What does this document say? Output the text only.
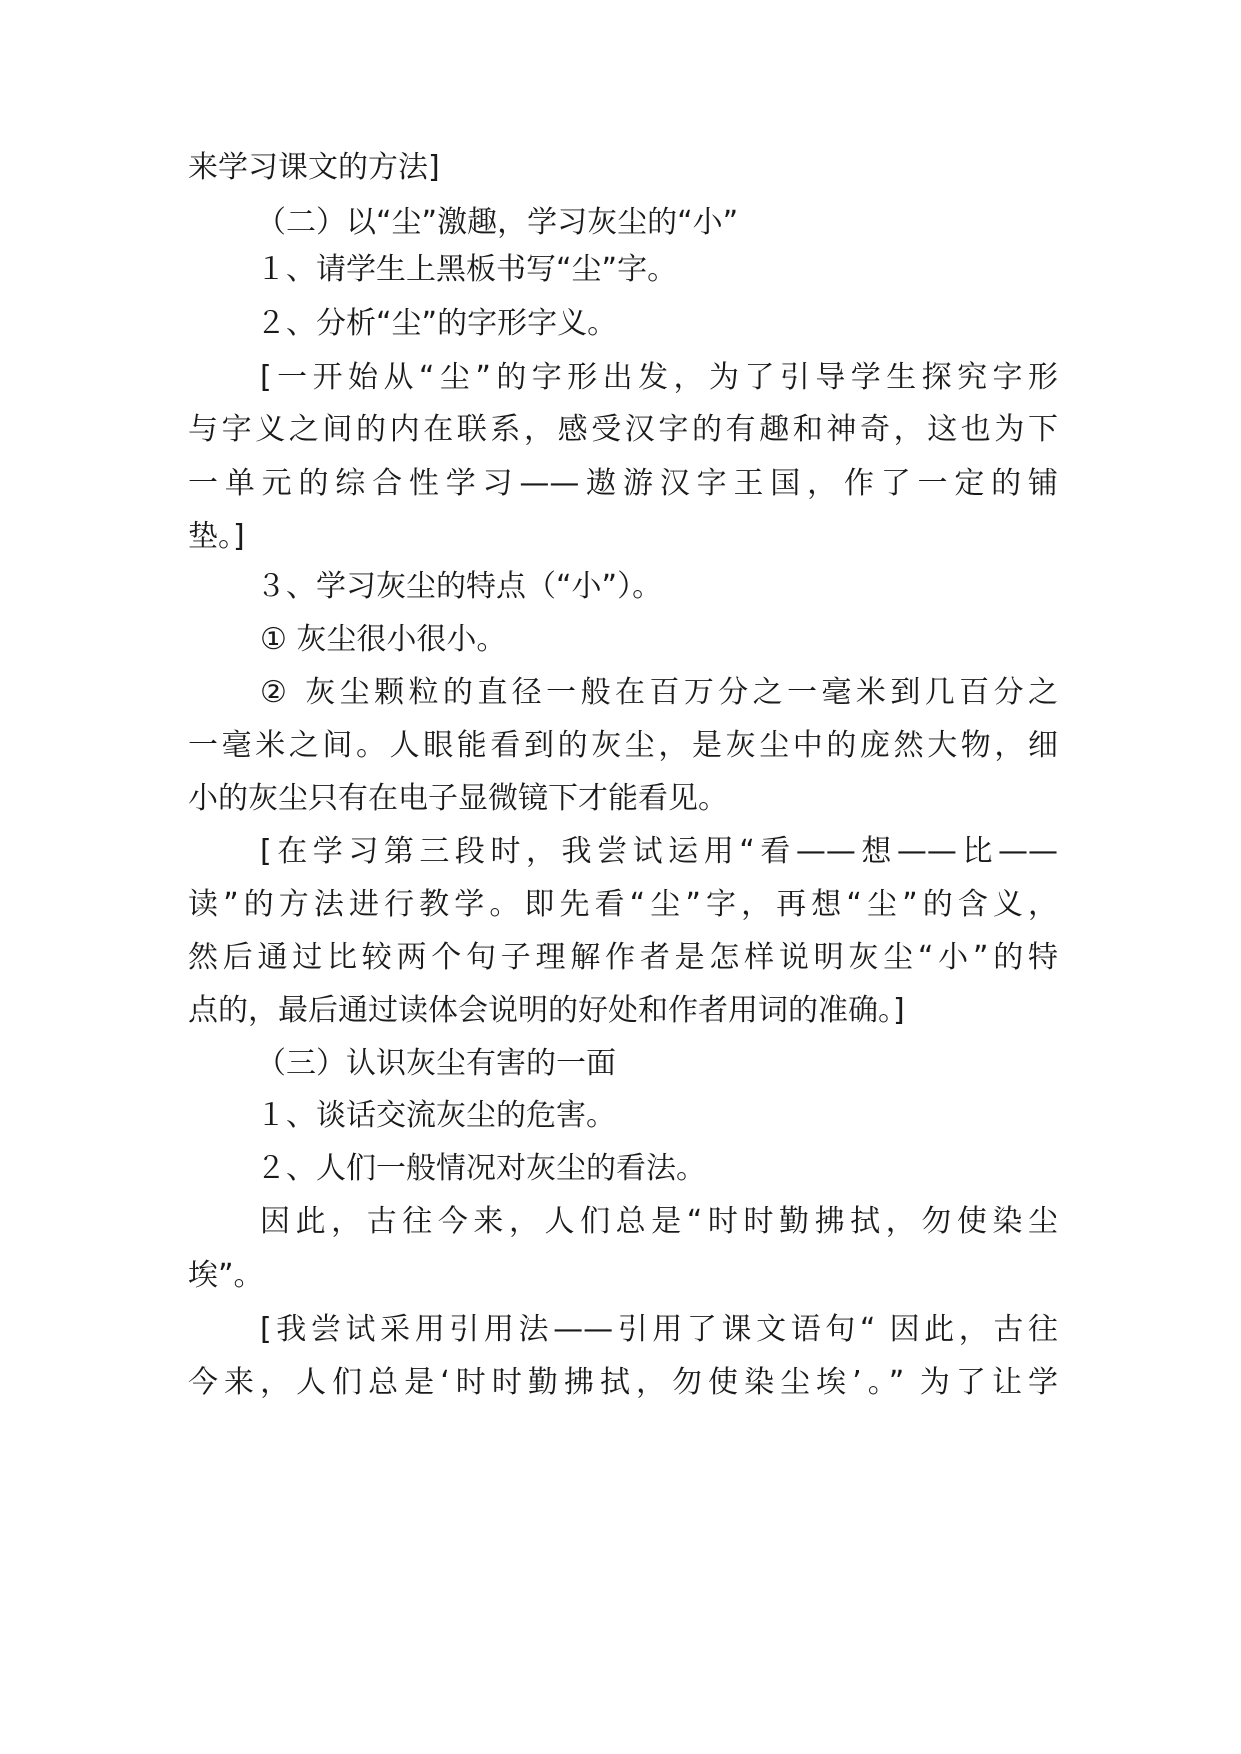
来学习课文的方法]
（二）以“尘”激趣，学习灰尘的“小”
１、请学生上黑板书写“尘”字。
２、分析“尘”的字形字义。
[一开始从“尘”的字形出发，为了引导学生探究字形
与字义之间的内在联系，感受汉字的有趣和神奇，这也为下
一单元的综合性学习——遨游汉字王国，作了一定的铺
垫。]
３、学习灰尘的特点（“小”）。
① 灰尘很小很小。
② 灰尘颗粒的直径一般在百万分之一毫米到几百分之
一毫米之间。人眼能看到的灰尘，是灰尘中的庞然大物，细
小的灰尘只有在电子显微镜下才能看见。
[在学习第三段时，我尝试运用“看——想——比——
读”的方法进行教学。即先看“尘”字，再想“尘”的含义，
然后通过比较两个句子理解作者是怎样说明灰尘“小”的特
点的，最后通过读体会说明的好处和作者用词的准确。]
（三）认识灰尘有害的一面
１、谈话交流灰尘的危害。
２、人们一般情况对灰尘的看法。
因此，古往今来，人们总是“时时勤拂拭，勿使染尘
埃”。
[我尝试采用引用法——引用了课文语句“ 因此，古往
今来，人们总是‘时时勤拂拭，勿使染尘埃’。” 为了让学
